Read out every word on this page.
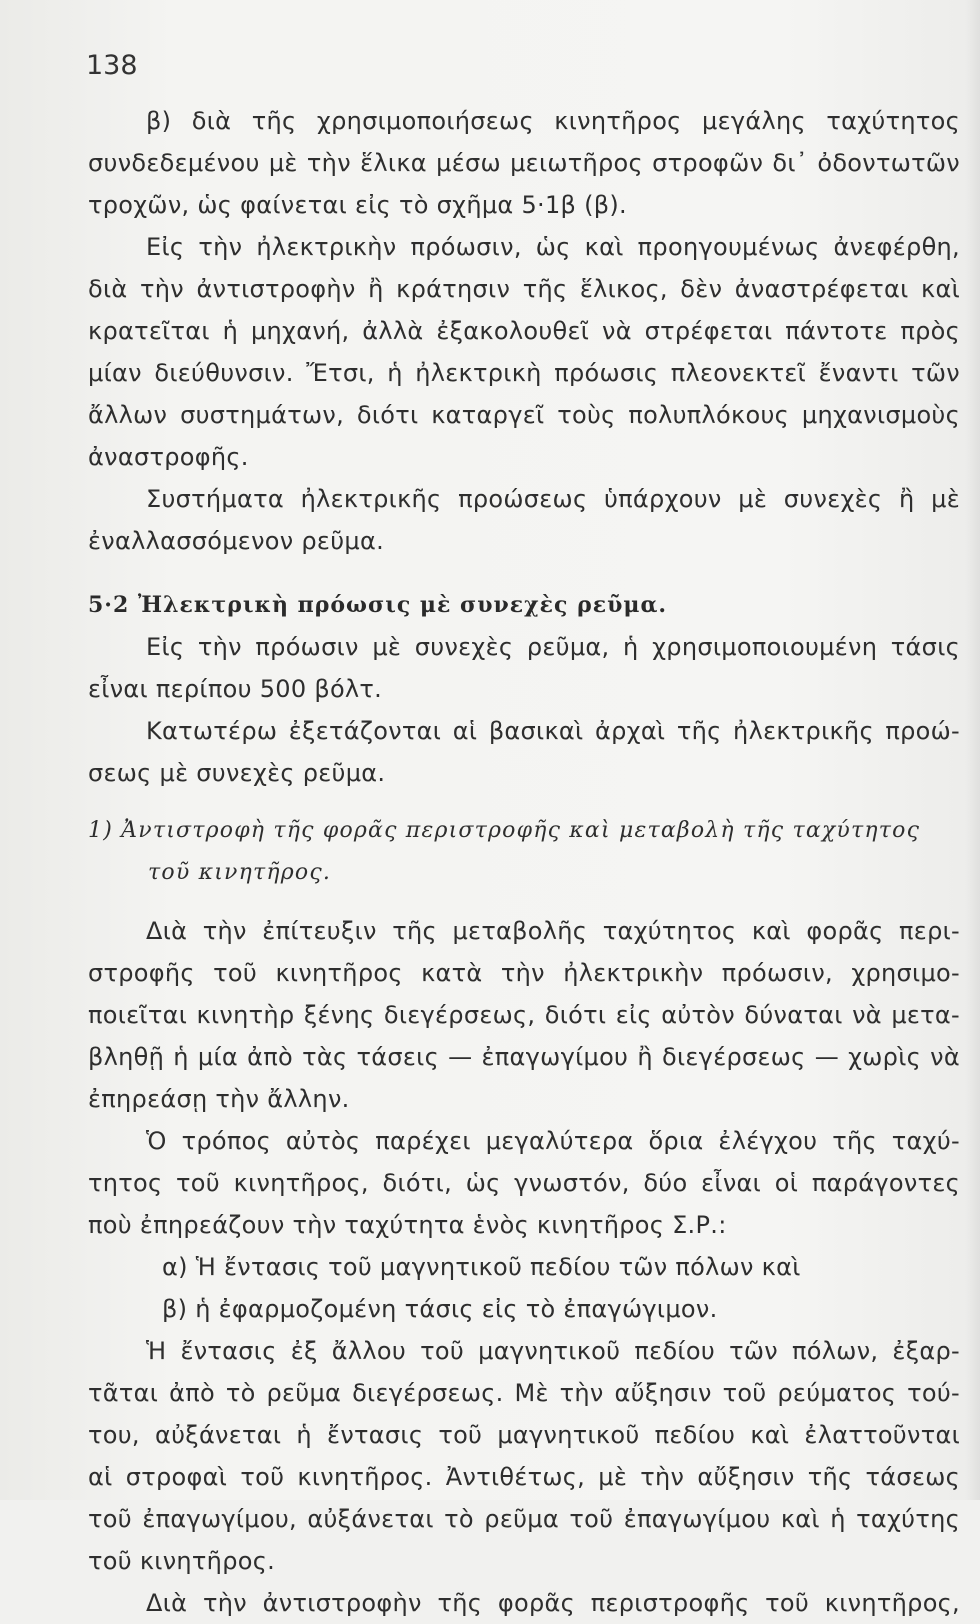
138
β) διὰ τῆς χρησιμοποιήσεως κινητῆρος μεγάλης ταχύτητος
συνδεδεμένου μὲ τὴν ἕλικα μέσω μειωτῆρος στροφῶν δι᾿ ὀδοντωτῶν
τροχῶν, ὡς φαίνεται εἰς τὸ σχῆμα 5·1β (β).
Εἰς τὴν ἠλεκτρικὴν πρόωσιν, ὡς καὶ προηγουμένως ἀνεφέρθη,
διὰ τὴν ἀντιστροφὴν ἢ κράτησιν τῆς ἕλικος, δὲν ἀναστρέφεται καὶ
κρατεῖται ἡ μηχανή, ἀλλὰ ἐξακολουθεῖ νὰ στρέφεται πάντοτε πρὸς
μίαν διεύθυνσιν. Ἔτσι, ἡ ἠλεκτρικὴ πρόωσις πλεονεκτεῖ ἔναντι τῶν
ἄλλων συστημάτων, διότι καταργεῖ τοὺς πολυπλόκους μηχανισμοὺς
ἀναστροφῆς.
Συστήματα ἠλεκτρικῆς προώσεως ὑπάρχουν μὲ συνεχὲς ἢ μὲ
ἐναλλασσόμενον ρεῦμα.
5·2 Ἠλεκτρικὴ πρόωσις μὲ συνεχὲς ρεῦμα.
Εἰς τὴν πρόωσιν μὲ συνεχὲς ρεῦμα, ἡ χρησιμοποιουμένη τάσις
εἶναι περίπου 500 βόλτ.
Κατωτέρω ἐξετάζονται αἱ βασικαὶ ἀρχαὶ τῆς ἠλεκτρικῆς προώ-
σεως μὲ συνεχὲς ρεῦμα.
1) Ἀντιστροφὴ τῆς φορᾶς περιστροφῆς καὶ μεταβολὴ τῆς ταχύτητος
τοῦ κινητῆρος.
Διὰ τὴν ἐπίτευξιν τῆς μεταβολῆς ταχύτητος καὶ φορᾶς περι-
στροφῆς τοῦ κινητῆρος κατὰ τὴν ἠλεκτρικὴν πρόωσιν, χρησιμο-
ποιεῖται κινητὴρ ξένης διεγέρσεως, διότι εἰς αὐτὸν δύναται νὰ μετα-
βληθῇ ἡ μία ἀπὸ τὰς τάσεις — ἐπαγωγίμου ἢ διεγέρσεως — χωρὶς νὰ
ἐπηρεάσῃ τὴν ἄλλην.
Ὁ τρόπος αὐτὸς παρέχει μεγαλύτερα ὅρια ἐλέγχου τῆς ταχύ-
τητος τοῦ κινητῆρος, διότι, ὡς γνωστόν, δύο εἶναι οἱ παράγοντες
ποὺ ἐπηρεάζουν τὴν ταχύτητα ἑνὸς κινητῆρος Σ.Ρ.:
α) Ἡ ἔντασις τοῦ μαγνητικοῦ πεδίου τῶν πόλων καὶ
β) ἡ ἐφαρμοζομένη τάσις εἰς τὸ ἐπαγώγιμον.
Ἡ ἔντασις ἐξ ἄλλου τοῦ μαγνητικοῦ πεδίου τῶν πόλων, ἐξαρ-
τᾶται ἀπὸ τὸ ρεῦμα διεγέρσεως. Μὲ τὴν αὔξησιν τοῦ ρεύματος τού-
του, αὐξάνεται ἡ ἔντασις τοῦ μαγνητικοῦ πεδίου καὶ ἐλαττοῦνται
αἱ στροφαὶ τοῦ κινητῆρος. Ἀντιθέτως, μὲ τὴν αὔξησιν τῆς τάσεως
τοῦ ἐπαγωγίμου, αὐξάνεται τὸ ρεῦμα τοῦ ἐπαγωγίμου καὶ ἡ ταχύτης
τοῦ κινητῆρος.
Διὰ τὴν ἀντιστροφὴν τῆς φορᾶς περιστροφῆς τοῦ κινητῆρος,
